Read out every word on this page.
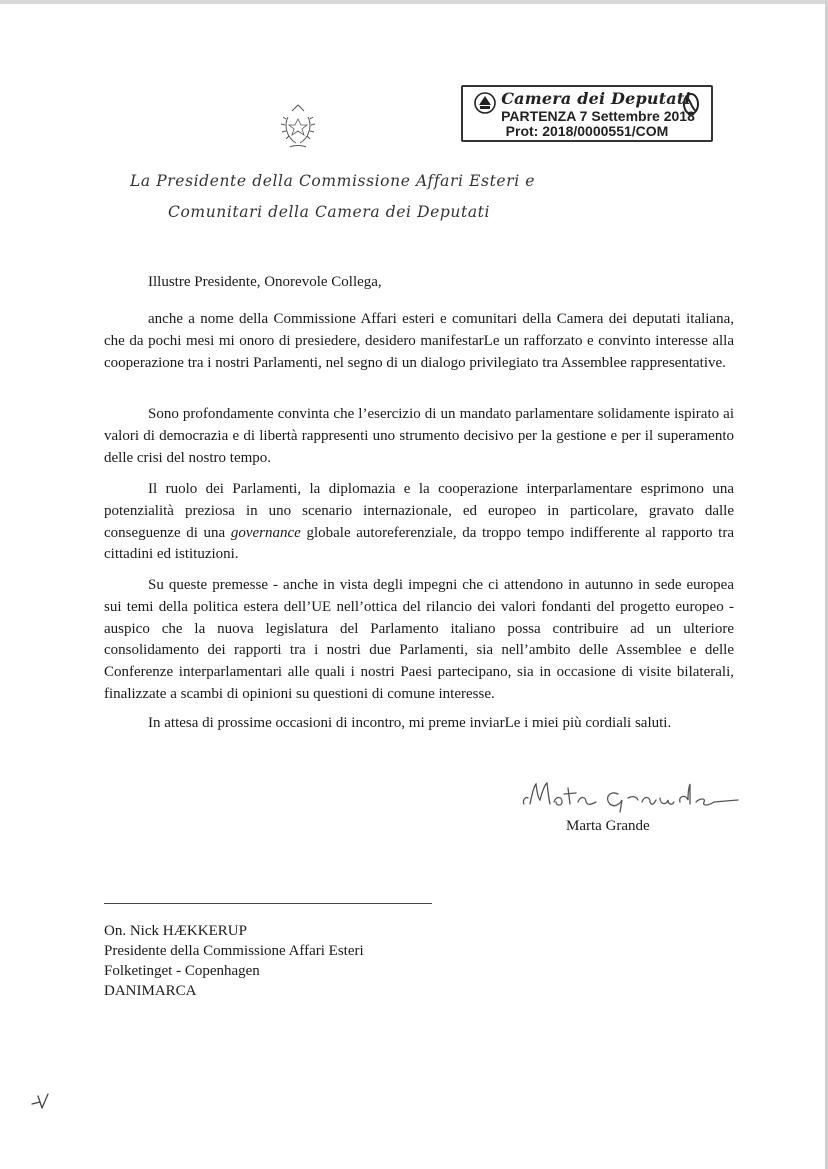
Camera dei Deputati
PARTENZA 7 Settembre 2018
Prot: 2018/0000551/COM
La Presidente della Commissione Affari Esteri e
Comunitari della Camera dei Deputati
Illustre Presidente, Onorevole Collega,

anche a nome della Commissione Affari esteri e comunitari della Camera dei deputati italiana, che da pochi mesi mi onoro di presiedere, desidero manifestarLe un rafforzato e convinto interesse alla cooperazione tra i nostri Parlamenti, nel segno di un dialogo privilegiato tra Assemblee rappresentative.

Sono profondamente convinta che l’esercizio di un mandato parlamentare solidamente ispirato ai valori di democrazia e di libertà rappresenti uno strumento decisivo per la gestione e per il superamento delle crisi del nostro tempo.

Il ruolo dei Parlamenti, la diplomazia e la cooperazione interparlamentare esprimono una potenzialità preziosa in uno scenario internazionale, ed europeo in particolare, gravato dalle conseguenze di una governance globale autoreferenziale, da troppo tempo indifferente al rapporto tra cittadini ed istituzioni.

Su queste premesse - anche in vista degli impegni che ci attendono in autunno in sede europea sui temi della politica estera dell’UE nell’ottica del rilancio dei valori fondanti del progetto europeo - auspico che la nuova legislatura del Parlamento italiano possa contribuire ad un ulteriore consolidamento dei rapporti tra i nostri due Parlamenti, sia nell’ambito delle Assemblee e delle Conferenze interparlamentari alle quali i nostri Paesi partecipano, sia in occasione di visite bilaterali, finalizzate a scambi di opinioni su questioni di comune interesse.

In attesa di prossime occasioni di incontro, mi preme inviarLe i miei più cordiali saluti.

Marta Grande
On. Nick HÆKKERUP
Presidente della Commissione Affari Esteri
Folketinget - Copenhagen
DANIMARCA
